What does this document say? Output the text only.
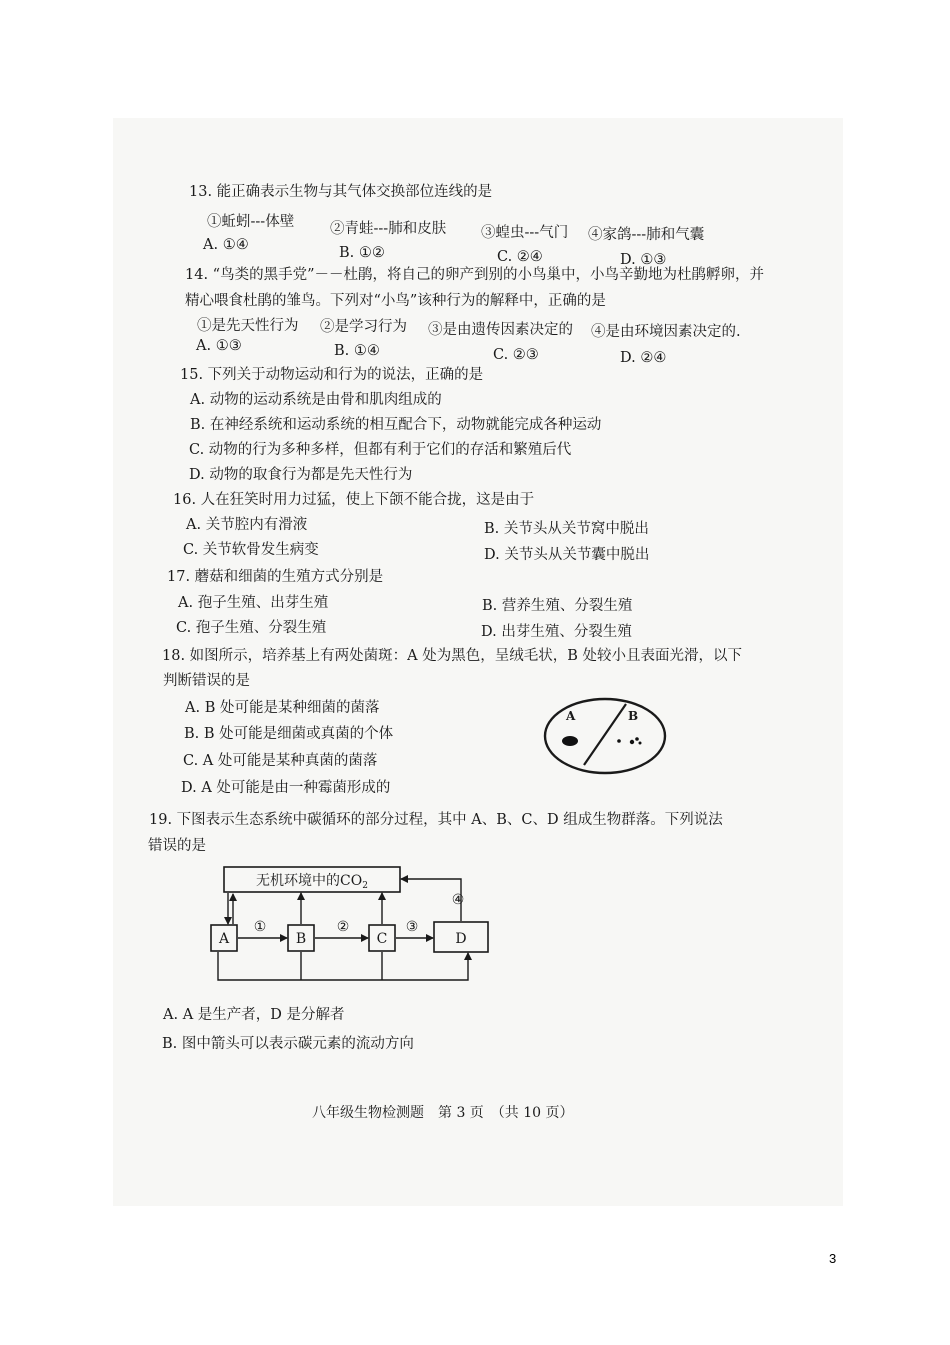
13. 能正确表示生物与其气体交换部位连线的是
①蚯蚓---体壁 ②青蛙---肺和皮肤 ③蝗虫---气门 ④家鸽---肺和气囊
A. ①④	B. ①②	C. ②④	D. ①③
14. “鸟类的黑手党”－－杜鹃，将自己的卵产到别的小鸟巢中，小鸟辛勤地为杜鹃孵卵，并
精心喂食杜鹃的雏鸟。下列对“小鸟”该种行为的解释中，正确的是
①是先天性行为 ②是学习行为 ③是由遗传因素决定的 ④是由环境因素决定的.
A. ①③	B. ①④	C. ②③	D. ②④
15. 下列关于动物运动和行为的说法，正确的是
A. 动物的运动系统是由骨和肌肉组成的
B. 在神经系统和运动系统的相互配合下，动物就能完成各种运动
C. 动物的行为多种多样，但都有利于它们的存活和繁殖后代
D. 动物的取食行为都是先天性行为
16. 人在狂笑时用力过猛，使上下颌不能合拢，这是由于
A. 关节腔内有滑液	B. 关节头从关节窝中脱出
C. 关节软骨发生病变	D. 关节头从关节囊中脱出
17. 蘑菇和细菌的生殖方式分别是
A. 孢子生殖、出芽生殖	B. 营养生殖、分裂生殖
C. 孢子生殖、分裂生殖	D. 出芽生殖、分裂生殖
18. 如图所示，培养基上有两处菌斑：A 处为黑色，呈绒毛状，B 处较小且表面光滑，以下
判断错误的是
A. B 处可能是某种细菌的菌落
B. B 处可能是细菌或真菌的个体
C. A 处可能是某种真菌的菌落
D. A 处可能是由一种霉菌形成的
A	B
19. 下图表示生态系统中碳循环的部分过程，其中 A、B、C、D 组成生物群落。下列说法
错误的是
无机环境中的$CO_2$
A	B	C	D
①	②	③
④
A. A 是生产者，D 是分解者
B. 图中箭头可以表示碳元素的流动方向
八年级生物检测题　第 3 页　（共 10 页）
3
